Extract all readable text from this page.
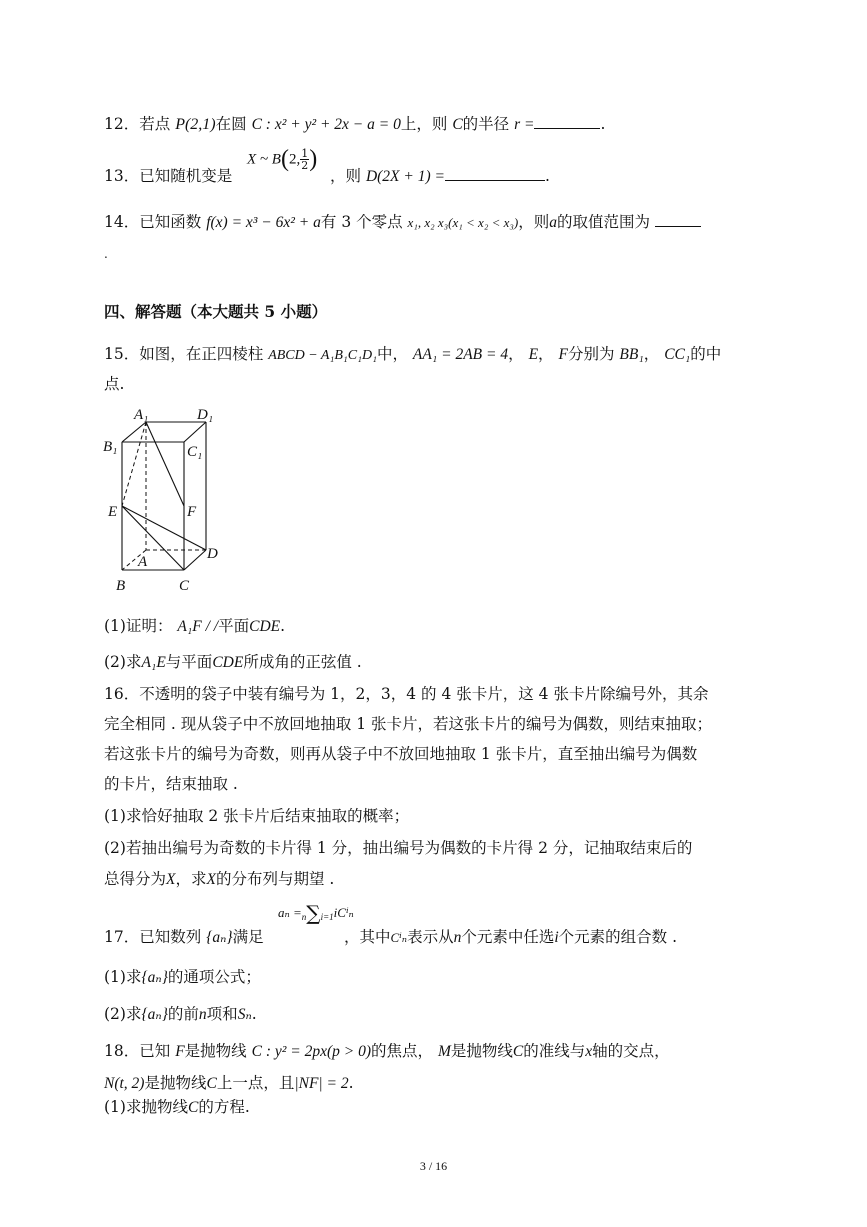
12．若点 P(2,1)在圆 C : x² + y² + 2x − a = 0上，则 C的半径 r =	.
13．已知随机变是
X ~ B(2, $\frac{1}{2}$ )
，则 D(2X + 1) =	.
14．已知函数 f(x) = x³ − 6x² + a有 3 个零点 x₁, x₂ x₃(x₁ < x₂ < x₃)，则a的取值范围为
.
四、解答题（本大题共 5 小题）
15．如图，在正四棱柱 ABCD − A₁B₁C₁D₁中， AA₁ = 2AB = 4， E， F分别为 BB₁， CC₁的中
点.
A₁	D₁
B₁	C₁
E	F
A	D
B	C
(1)证明： A₁F / /平面CDE.
(2)求A₁E与平面CDE所成角的正弦值 .
16．不透明的袋子中装有编号为 1，2，3，4 的 4 张卡片，这 4 张卡片除编号外，其余
完全相同 . 现从袋子中不放回地抽取 1 张卡片，若这张卡片的编号为偶数，则结束抽取；
若这张卡片的编号为奇数，则再从袋子中不放回地抽取 1 张卡片，直至抽出编号为偶数
的卡片，结束抽取 .
(1)求恰好抽取 2 张卡片后结束抽取的概率；
(2)若抽出编号为奇数的卡片得 1 分，抽出编号为偶数的卡片得 2 分，记抽取结束后的
总得分为X，求X的分布列与期望 .
17．已知数列 {aₙ}满足
aₙ =n∑i=1iCⁱₙ
，其中Cⁱₙ表示从n个元素中任选i个元素的组合数 .
(1)求{aₙ}的通项公式；
(2)求{aₙ}的前n项和Sₙ.
18．已知 F是抛物线 C : y² = 2px(p > 0)的焦点， M是抛物线C的准线与x轴的交点，
N(t, 2)是抛物线C上一点，且|NF| = 2.
(1)求抛物线C的方程.
3 / 16
